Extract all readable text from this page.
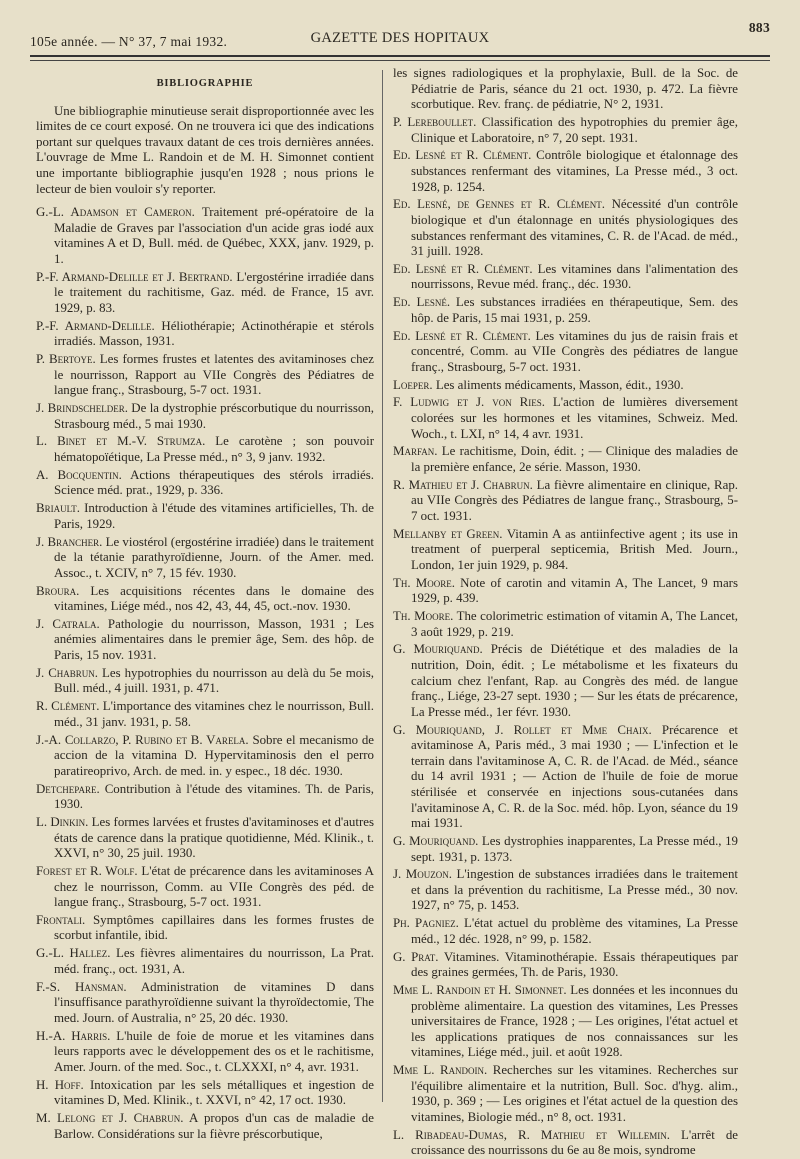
105e année. — N° 37, 7 mai 1932.	GAZETTE DES HOPITAUX
883
BIBLIOGRAPHIE

Une bibliographie minutieuse serait disproportionnée avec les limites de ce court exposé. On ne trouvera ici que des indications portant sur quelques travaux datant de ces trois dernières années. L'ouvrage de Mme L. Randoin et de M. H. Simonnet contient une importante bibliographie jusqu'en 1928 ; nous prions le lecteur de bien vouloir s'y reporter.

G.-L. Adamson et Cameron. Traitement pré-opératoire de la Maladie de Graves par l'association d'un acide gras iodé aux vitamines A et D, Bull. méd. de Québec, XXX, janv. 1929, p. 1.

P.-F. Armand-Delille et J. Bertrand. L'ergostérine irradiée dans le traitement du rachitisme, Gaz. méd. de France, 15 avr. 1929, p. 83.

P.-F. Armand-Delille. Héliothérapie; Actinothérapie et stérols irradiés. Masson, 1931.

P. Bertoye. Les formes frustes et latentes des avitaminoses chez le nourrisson, Rapport au VIIe Congrès des Pédiatres de langue franç., Strasbourg, 5-7 oct. 1931.

J. Brindschelder. De la dystrophie préscorbutique du nourrisson, Strasbourg méd., 5 mai 1930.

L. Binet et M.-V. Strumza. Le carotène ; son pouvoir hématopoïétique, La Presse méd., n° 3, 9 janv. 1932.

A. Bocquentin. Actions thérapeutiques des stérols irradiés. Science méd. prat., 1929, p. 336.

Briault. Introduction à l'étude des vitamines artificielles, Th. de Paris, 1929.

J. Brancher. Le viostérol (ergostérine irradiée) dans le traitement de la tétanie parathyroïdienne, Journ. of the Amer. med. Assoc., t. XCIV, n° 7, 15 fév. 1930.

Broura. Les acquisitions récentes dans le domaine des vitamines, Liége méd., nos 42, 43, 44, 45, oct.-nov. 1930.

J. Catrala. Pathologie du nourrisson, Masson, 1931 ; Les anémies alimentaires dans le premier âge, Sem. des hôp. de Paris, 15 nov. 1931.

J. Chabrun. Les hypotrophies du nourrisson au delà du 5e mois, Bull. méd., 4 juill. 1931, p. 471.

R. Clément. L'importance des vitamines chez le nourrisson, Bull. méd., 31 janv. 1931, p. 58.

J.-A. Collarzo, P. Rubino et B. Varela. Sobre el mecanismo de accion de la vitamina D. Hypervitaminosis den el perro paratireoprivo, Arch. de med. in. y espec., 18 déc. 1930.

Detchepare. Contribution à l'étude des vitamines. Th. de Paris, 1930.

L. Dinkin. Les formes larvées et frustes d'avitaminoses et d'autres états de carence dans la pratique quotidienne, Méd. Klinik., t. XXVI, n° 30, 25 juil. 1930.

Forest et R. Wolf. L'état de précarence dans les avitaminoses A chez le nourrisson, Comm. au VIIe Congrès des péd. de langue franç., Strasbourg, 5-7 oct. 1931.

Frontali. Symptômes capillaires dans les formes frustes de scorbut infantile, ibid.

G.-L. Hallez. Les fièvres alimentaires du nourrisson, La Prat. méd. franç., oct. 1931, A.

F.-S. Hansman. Administration de vitamines D dans l'insuffisance parathyroïdienne suivant la thyroïdectomie, The med. Journ. of Australia, n° 25, 20 déc. 1930.

H.-A. Harris. L'huile de foie de morue et les vitamines dans leurs rapports avec le développement des os et le rachitisme, Amer. Journ. of the med. Soc., t. CLXXXI, n° 4, avr. 1931.

H. Hoff. Intoxication par les sels métalliques et ingestion de vitamines D, Med. Klinik., t. XXVI, n° 42, 17 oct. 1930.

M. Lelong et J. Chabrun. A propos d'un cas de maladie de Barlow. Considérations sur la fièvre préscorbutique,

les signes radiologiques et la prophylaxie, Bull. de la Soc. de Pédiatrie de Paris, séance du 21 oct. 1930, p. 472. La fièvre scorbutique. Rev. franç. de pédiatrie, N° 2, 1931.

P. Lereboullet. Classification des hypotrophies du premier âge, Clinique et Laboratoire, n° 7, 20 sept. 1931.

Ed. Lesné et R. Clément. Contrôle biologique et étalonnage des substances renfermant des vitamines, La Presse méd., 3 oct. 1928, p. 1254.

Ed. Lesné, de Gennes et R. Clément. Nécessité d'un contrôle biologique et d'un étalonnage en unités physiologiques des substances renfermant des vitamines, C. R. de l'Acad. de méd., 31 juill. 1928.

Ed. Lesné et R. Clément. Les vitamines dans l'alimentation des nourrissons, Revue méd. franç., déc. 1930.

Ed. Lesné. Les substances irradiées en thérapeutique, Sem. des hôp. de Paris, 15 mai 1931, p. 259.

Ed. Lesné et R. Clément. Les vitamines du jus de raisin frais et concentré, Comm. au VIIe Congrès des pédiatres de langue franç., Strasbourg, 5-7 oct. 1931.

Loeper. Les aliments médicaments, Masson, édit., 1930.

F. Ludwig et J. von Ries. L'action de lumières diversement colorées sur les hormones et les vitamines, Schweiz. Med. Woch., t. LXI, n° 14, 4 avr. 1931.

Marfan. Le rachitisme, Doin, édit. ; — Clinique des maladies de la première enfance, 2e série. Masson, 1930.

R. Mathieu et J. Chabrun. La fièvre alimentaire en clinique, Rap. au VIIe Congrès des Pédiatres de langue franç., Strasbourg, 5-7 oct. 1931.

Mellanby et Green. Vitamin A as antiinfective agent ; its use in treatment of puerperal septicemia, British Med. Journ., London, 1er juin 1929, p. 984.

Th. Moore. Note of carotin and vitamin A, The Lancet, 9 mars 1929, p. 439.

Th. Moore. The colorimetric estimation of vitamin A, The Lancet, 3 août 1929, p. 219.

G. Mouriquand. Précis de Diététique et des maladies de la nutrition, Doin, édit. ; Le métabolisme et les fixateurs du calcium chez l'enfant, Rap. au Congrès des méd. de langue franç., Liége, 23-27 sept. 1930 ; — Sur les états de précarence, La Presse méd., 1er févr. 1930.

G. Mouriquand, J. Rollet et Mme Chaix. Précarence et avitaminose A, Paris méd., 3 mai 1930 ; — L'infection et le terrain dans l'avitaminose A, C. R. de l'Acad. de Méd., séance du 14 avril 1931 ; — Action de l'huile de foie de morue stérilisée et conservée en injections sous-cutanées dans l'avitaminose A, C. R. de la Soc. méd. hôp. Lyon, séance du 19 mai 1931.

G. Mouriquand. Les dystrophies inapparentes, La Presse méd., 19 sept. 1931, p. 1373.

J. Mouzon. L'ingestion de substances irradiées dans le traitement et dans la prévention du rachitisme, La Presse méd., 30 nov. 1927, n° 75, p. 1453.

Ph. Pagniez. L'état actuel du problème des vitamines, La Presse méd., 12 déc. 1928, n° 99, p. 1582.

G. Prat. Vitamines. Vitaminothérapie. Essais thérapeutiques par des graines germées, Th. de Paris, 1930.

Mme L. Randoin et H. Simonnet. Les données et les inconnues du problème alimentaire. La question des vitamines, Les Presses universitaires de France, 1928 ; — Les origines, l'état actuel et les applications pratiques de nos connaissances sur les vitamines, Liége méd., juil. et août 1928.

Mme L. Randoin. Recherches sur les vitamines. Recherches sur l'équilibre alimentaire et la nutrition, Bull. Soc. d'hyg. alim., 1930, p. 369 ; — Les origines et l'état actuel de la question des vitamines, Biologie méd., n° 8, oct. 1931.

L. Ribadeau-Dumas, R. Mathieu et Willemin. L'arrêt de croissance des nourrissons du 6e au 8e mois, syndrome
